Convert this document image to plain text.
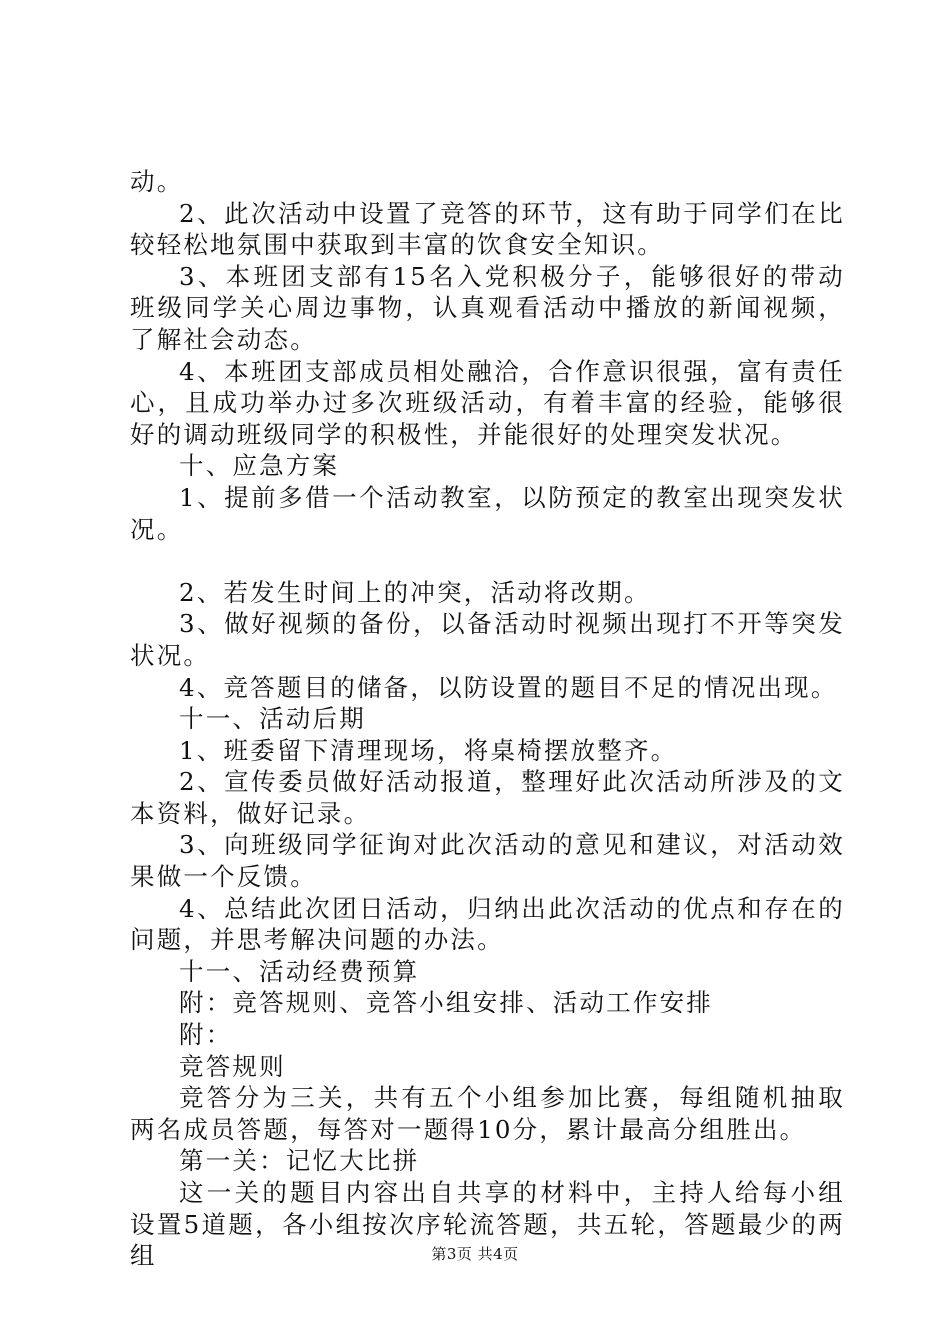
动。

2、此次活动中设置了竞答的环节，这有助于同学们在比较轻松地氛围中获取到丰富的饮食安全知识。

3、本班团支部有15名入党积极分子，能够很好的带动班级同学关心周边事物，认真观看活动中播放的新闻视频，了解社会动态。

4、本班团支部成员相处融洽，合作意识很强，富有责任心，且成功举办过多次班级活动，有着丰富的经验，能够很好的调动班级同学的积极性，并能很好的处理突发状况。

十、应急方案

1、提前多借一个活动教室，以防预定的教室出现突发状况。

2、若发生时间上的冲突，活动将改期。

3、做好视频的备份，以备活动时视频出现打不开等突发状况。

4、竞答题目的储备，以防设置的题目不足的情况出现。

十一、活动后期

1、班委留下清理现场，将桌椅摆放整齐。

2、宣传委员做好活动报道，整理好此次活动所涉及的文本资料，做好记录。

3、向班级同学征询对此次活动的意见和建议，对活动效果做一个反馈。

4、总结此次团日活动，归纳出此次活动的优点和存在的问题，并思考解决问题的办法。

十一、活动经费预算

附：竞答规则、竞答小组安排、活动工作安排

附：

竞答规则

竞答分为三关，共有五个小组参加比赛，每组随机抽取两名成员答题，每答对一题得10分，累计最高分组胜出。

第一关：记忆大比拼

这一关的题目内容出自共享的材料中，主持人给每小组设置5道题，各小组按次序轮流答题，共五轮，答题最少的两组	第3页 共4页
